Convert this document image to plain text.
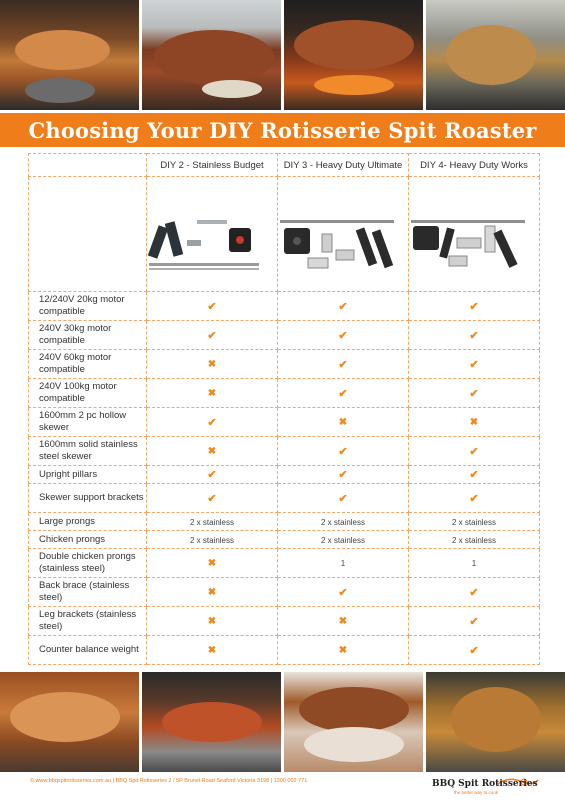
Choosing Your DIY Rotisserie Spit Roaster
	DIY 2 - Stainless Budget	DIY 3 - Heavy Duty Ultimate	DIY 4- Heavy Duty Works

12/240V 20kg motor compatible	✔	✔	✔
240V 30kg motor compatible	✔	✔	✔
240V 60kg motor compatible	✖	✔	✔
240V 100kg motor compatible	✖	✔	✔
1600mm 2 pc hollow skewer	✔	✖	✖
1600mm solid stainless steel skewer	✖	✔	✔
Upright pillars	✔	✔	✔
Skewer support brackets	✔	✔	✔
Large prongs	2 x stainless	2 x stainless	2 x stainless
Chicken prongs	2 x stainless	2 x stainless	2 x stainless
Double chicken prongs (stainless steel)	✖	1	1
Back brace (stainless steel)	✖	✔	✔
Leg brackets (stainless steel)	✖	✖	✔
Counter balance weight	✖	✖	✔
© www.bbqspitrotisseries.com.au | BBQ Spit Rotisseries 2 / 5P Brunel Road Seaford Victoria 3198 | 1300 002 771	BBQ Spit Rotisseries
the better way to cook
